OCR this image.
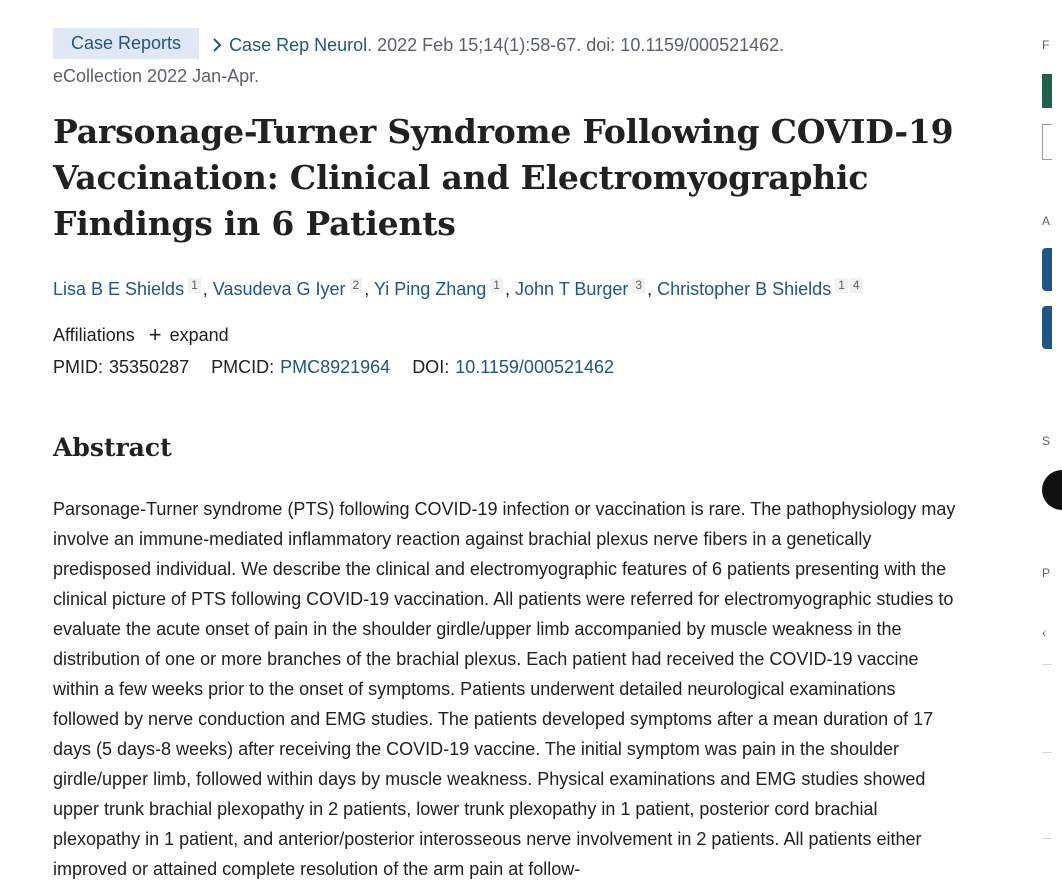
Case Reports	Case Rep Neurol. 2022 Feb 15;14(1):58-67. doi: 10.1159/000521462.
eCollection 2022 Jan-Apr.
Parsonage-Turner Syndrome Following COVID-19 Vaccination: Clinical and Electromyographic Findings in 6 Patients
Lisa B E Shields $^1$ , Vasudeva G Iyer $^2$ , Yi Ping Zhang $^1$ , John T Burger $^3$ , Christopher B Shields $^{1 4}$
Affiliations + expand
PMID: 35350287 PMCID: PMC8921964 DOI: 10.1159/000521462
Abstract

Parsonage-Turner syndrome (PTS) following COVID-19 infection or vaccination is rare. The pathophysiology may involve an immune-mediated inflammatory reaction against brachial plexus nerve fibers in a genetically predisposed individual. We describe the clinical and electromyographic features of 6 patients presenting with the clinical picture of PTS following COVID-19 vaccination. All patients were referred for electromyographic studies to evaluate the acute onset of pain in the shoulder girdle/upper limb accompanied by muscle weakness in the distribution of one or more branches of the brachial plexus. Each patient had received the COVID-19 vaccine within a few weeks prior to the onset of symptoms. Patients underwent detailed neurological examinations followed by nerve conduction and EMG studies. The patients developed symptoms after a mean duration of 17 days (5 days-8 weeks) after receiving the COVID-19 vaccine. The initial symptom was pain in the shoulder girdle/upper limb, followed within days by muscle weakness. Physical examinations and EMG studies showed upper trunk brachial plexopathy in 2 patients, lower trunk plexopathy in 1 patient, posterior cord brachial plexopathy in 1 patient, and anterior/posterior interosseous nerve involvement in 2 patients. All patients either improved or attained complete resolution of the arm pain at follow-

F
A
S
P
‹
